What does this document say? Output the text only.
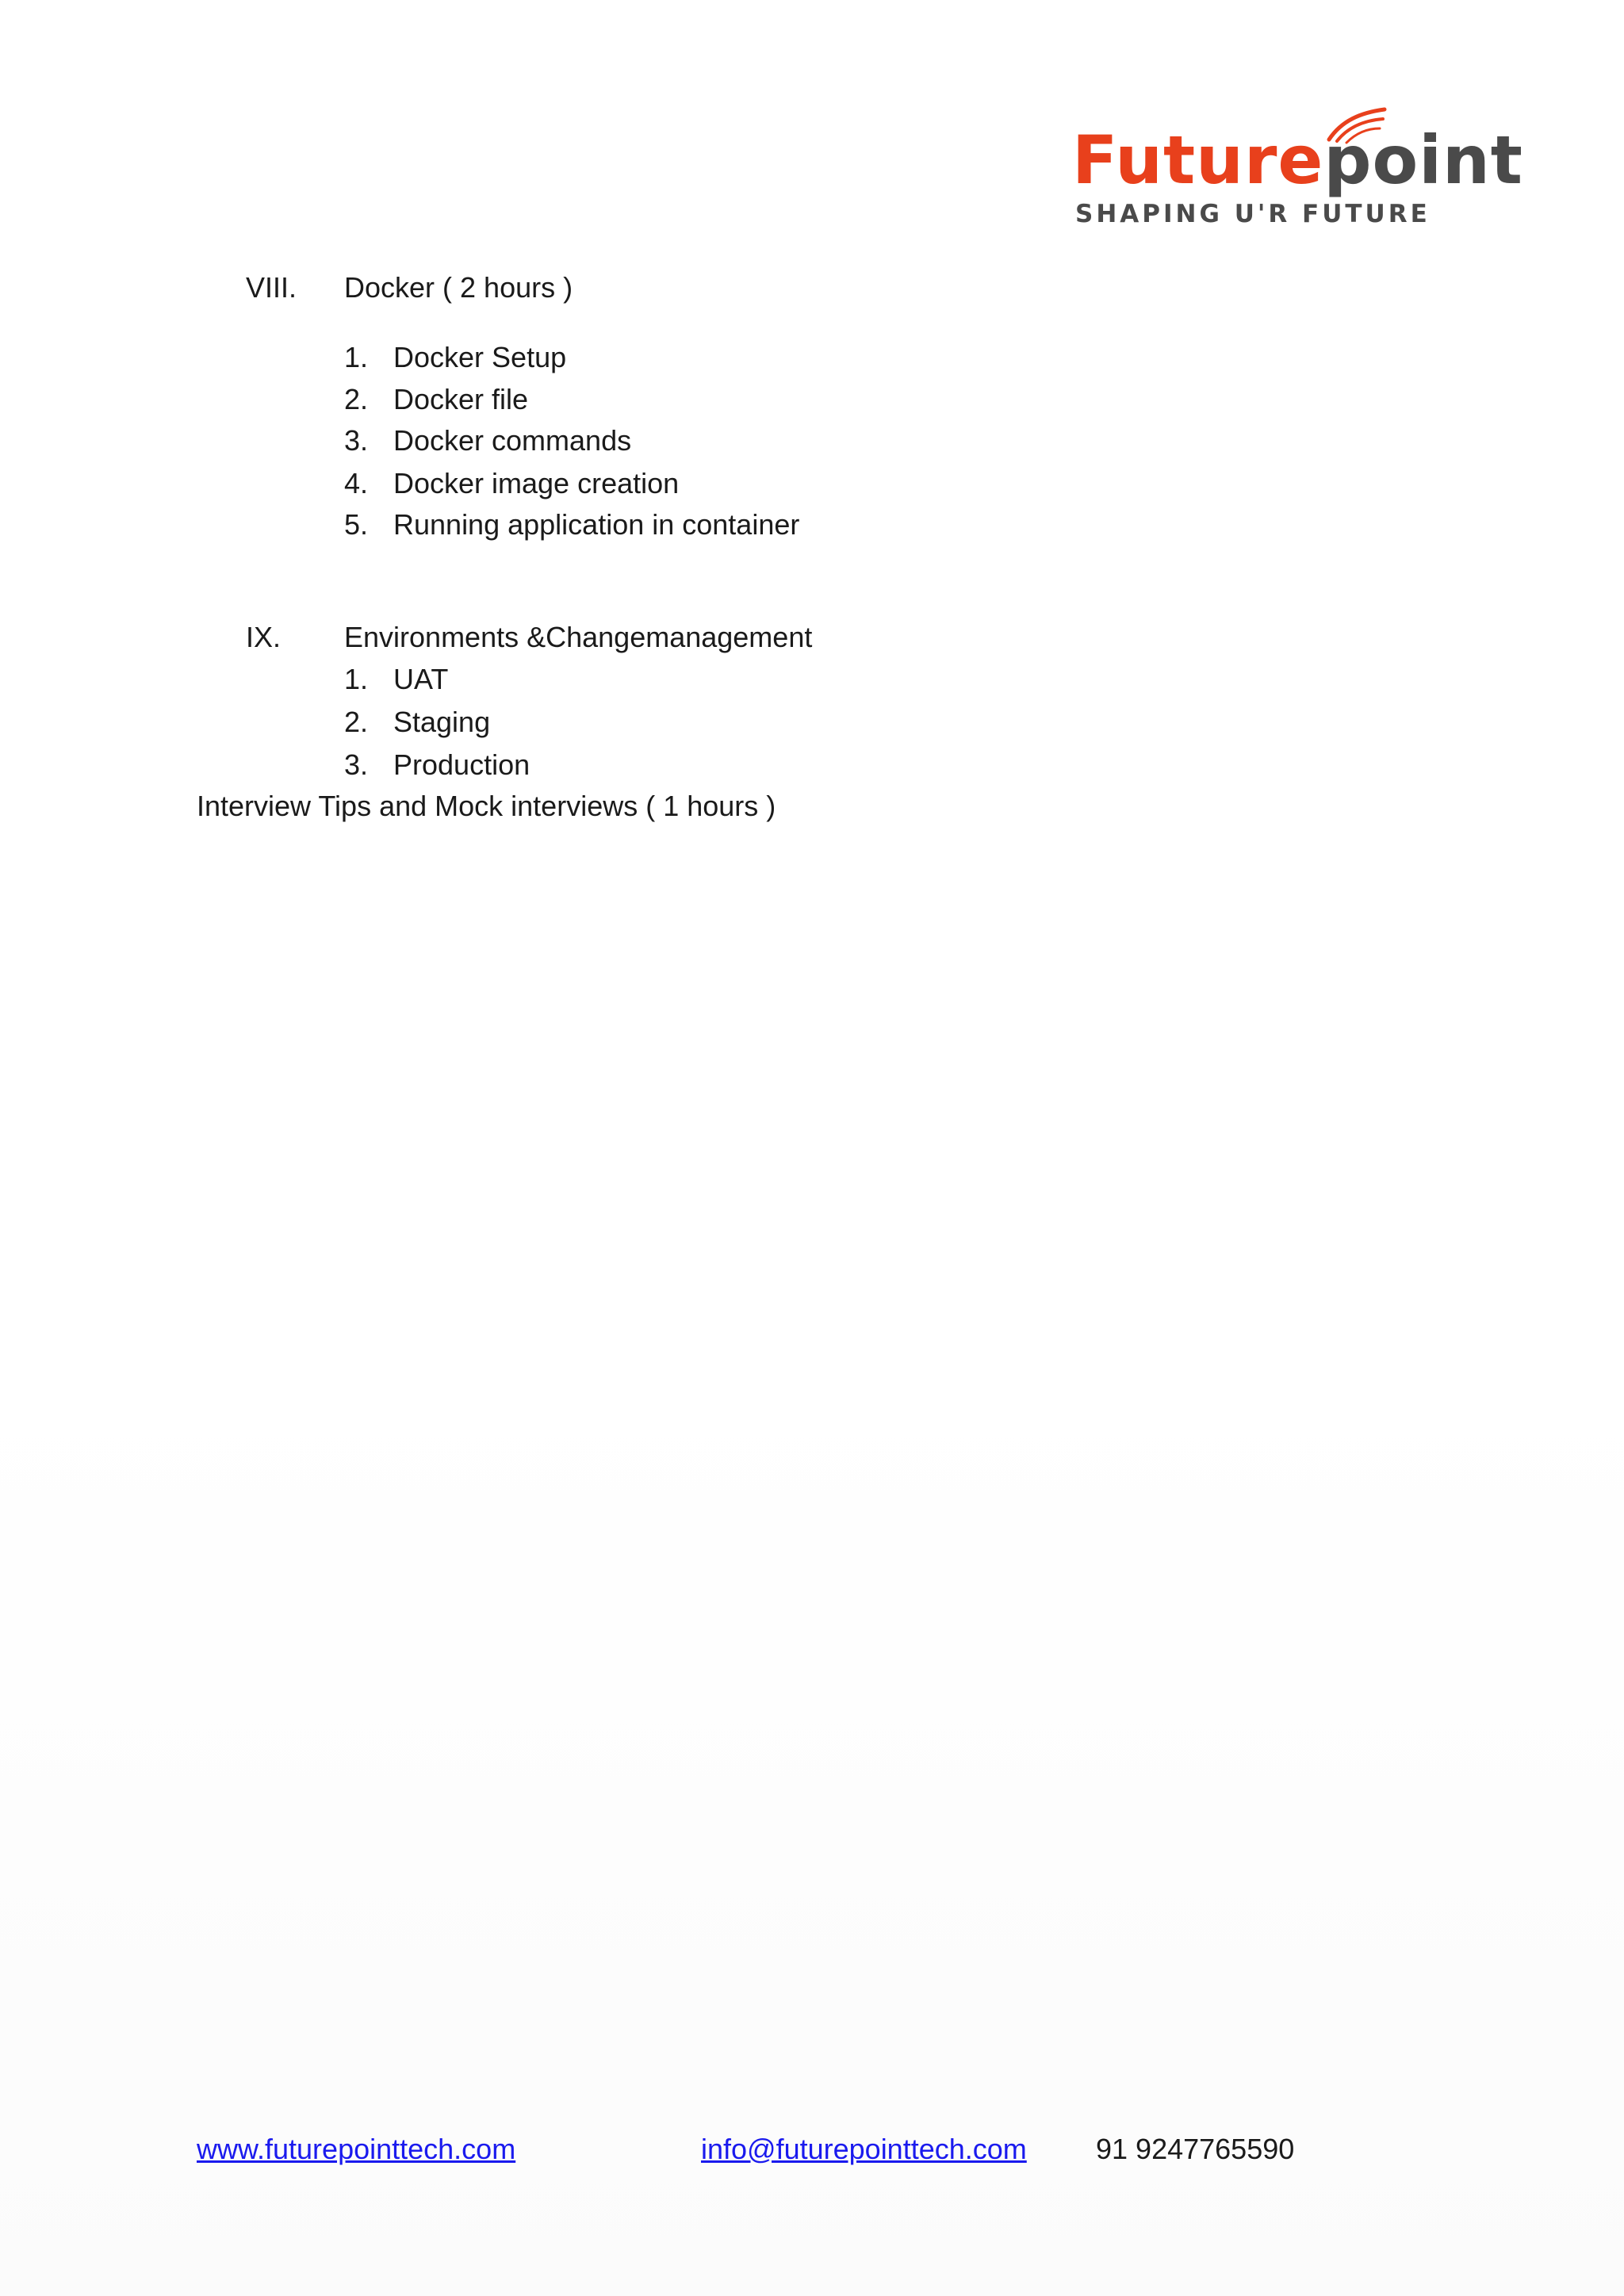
Futurepoint
SHAPING U'R FUTURE
VIII. Docker ( 2 hours )
1. Docker Setup
2. Docker file
3. Docker commands
4. Docker image creation
5. Running application in container
IX. Environments &Changemanagement
1. UAT
2. Staging
3. Production
Interview Tips and Mock interviews ( 1 hours )
www.futurepointtech.com	info@futurepointtech.com 91 9247765590
